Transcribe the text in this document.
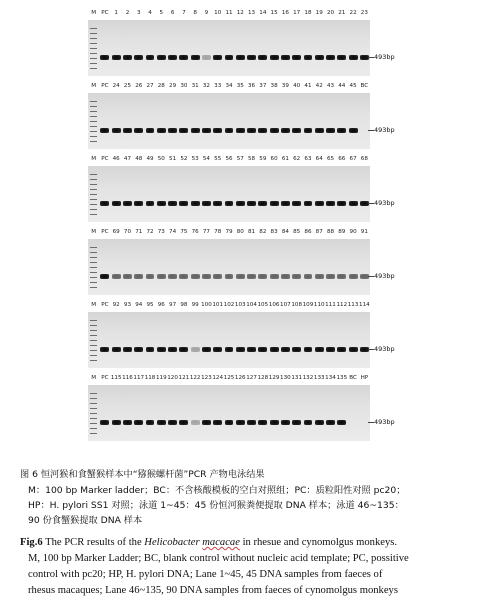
M PC	1	2	3	4	5	6	7	8	9	10 11 12 13 14 15 16 17 18 19 20 21 22 23
493bp
M PC 24 25 26 27 28 29 30 31 32 33 34 35 36 37 38 39 40 41 42 43 44 45 BC
493bp
M PC 46 47 48 49 50 51 52 53 54 55 56 57 58 59 60 61 62 63 64 65 66 67 68
493bp
M PC 69 70 71 72 73 74 75 76 77 78 79 80 81 82 83 84 85 86 87 88 89 90 91
493bp
M PC 92 93 94 95 96 97 98 99 100 101 102 103 104 105 106 107 108 109 110 111 112 113 114
493bp
M PC 115 116 117 118 119 120 121 122 123 124 125 126 127 128 129 130 131 132 133 134 135 BC HP
493bp
图 6 恒河猴和食蟹猴样本中“猕猴螺杆菌”PCR 产物电泳结果
M：100 bp Marker ladder；BC：不含核酸模板的空白对照组；PC：质粒阳性对照 pc20；
HP：H. pylori SS1 对照；泳道 1~45：45 份恒河猴粪便提取 DNA 样本；泳道 46~135：
90 份食蟹猴提取 DNA 样本
Fig.6 The PCR results of the Helicobacter macacae in rhesue and cynomolgus monkeys.
M, 100 bp Marker Ladder; BC, blank control without nucleic acid template; PC, possitive
control with pc20; HP, H. pylori DNA; Lane 1~45, 45 DNA samples from faeces of
rhesus macaques; Lane 46~135, 90 DNA samples from faeces of cynomolgus monkeys
